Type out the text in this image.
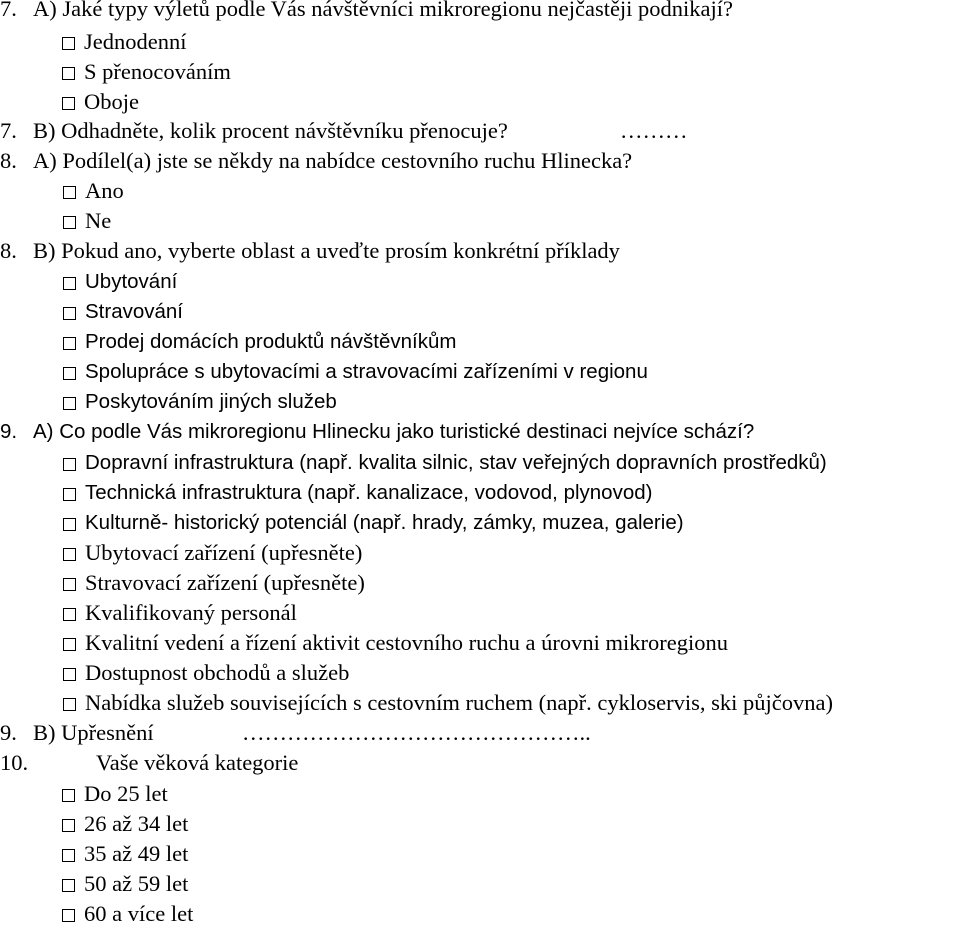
7. A) Jaké typy výletů podle Vás návštěvníci mikroregionu nejčastěji podnikají?
Jednodenní
S přenocováním
Oboje
7. B) Odhadněte, kolik procent návštěvníku přenocuje?	………
8. A) Podílel(a) jste se někdy na nabídce cestovního ruchu Hlinecka?
Ano
Ne
8. B) Pokud ano, vyberte oblast a uveďte prosím konkrétní příklady
Ubytování
Stravování
Prodej domácích produktů návštěvníkům
Spolupráce s ubytovacími a stravovacími zařízeními v regionu
Poskytováním jiných služeb
9. A) Co podle Vás mikroregionu Hlinecku jako turistické destinaci nejvíce schází?
Dopravní infrastruktura (např. kvalita silnic, stav veřejných dopravních prostředků)
Technická infrastruktura (např. kanalizace, vodovod, plynovod)
Kulturně- historický potenciál (např. hrady, zámky, muzea, galerie)
Ubytovací zařízení (upřesněte)
Stravovací zařízení (upřesněte)
Kvalifikovaný personál
Kvalitní vedení a řízení aktivit cestovního ruchu a úrovni mikroregionu
Dostupnost obchodů a služeb
Nabídka služeb souvisejících s cestovním ruchem (např. cykloservis, ski půjčovna)
9. B) Upřesnění	………………………………………..
10.	Vaše věková kategorie
Do 25 let
26 až 34 let
35 až 49 let
50 až 59 let
60 a více let
